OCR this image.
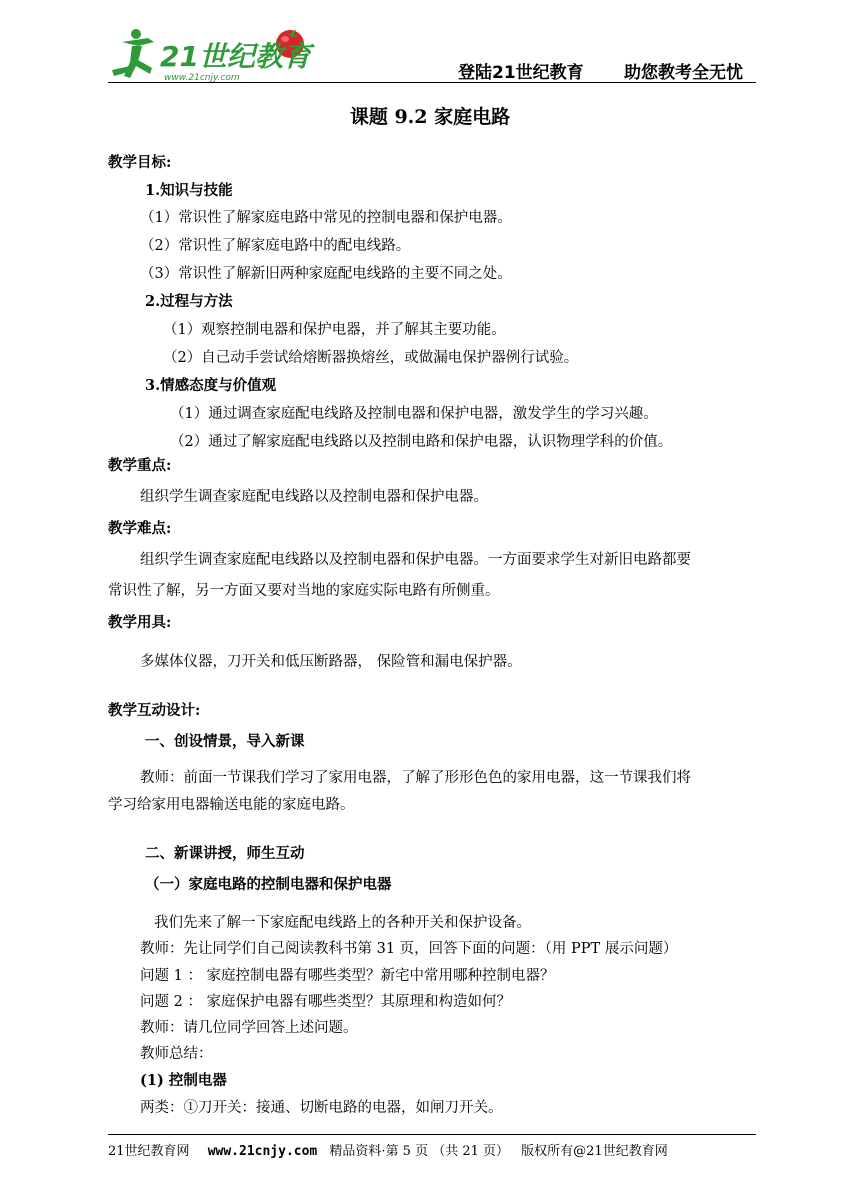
21世纪教育
www.21cnjy.com	登陆21世纪教育 助您教考全无忧
课题 9.2 家庭电路
教学目标:
1.知识与技能
（1）常识性了解家庭电路中常见的控制电器和保护电器。
（2）常识性了解家庭电路中的配电线路。
（3）常识性了解新旧两种家庭配电线路的主要不同之处。
2.过程与方法
（1）观察控制电器和保护电器，并了解其主要功能。
（2）自己动手尝试给熔断器换熔丝，或做漏电保护器例行试验。
3.情感态度与价值观
（1）通过调查家庭配电线路及控制电器和保护电器，激发学生的学习兴趣。
（2）通过了解家庭配电线路以及控制电路和保护电器，认识物理学科的价值。
教学重点:
组织学生调查家庭配电线路以及控制电器和保护电器。
教学难点:
组织学生调查家庭配电线路以及控制电器和保护电器。一方面要求学生对新旧电路都要
常识性了解，另一方面又要对当地的家庭实际电路有所侧重。
教学用具:
多媒体仪器，刀开关和低压断路器， 保险管和漏电保护器。
教学互动设计:
一、创设情景，导入新课
教师：前面一节课我们学习了家用电器，了解了形形色色的家用电器，这一节课我们将
学习给家用电器输送电能的家庭电路。
二、新课讲授，师生互动
（一）家庭电路的控制电器和保护电器
我们先来了解一下家庭配电线路上的各种开关和保护设备。
教师：先让同学们自己阅读教科书第 31 页，回答下面的问题：（用 PPT 展示问题）
问题 1 ： 家庭控制电器有哪些类型？新宅中常用哪种控制电器？
问题 2 ： 家庭保护电器有哪些类型？其原理和构造如何？
教师：请几位同学回答上述问题。
教师总结：
(1) 控制电器
两类：①刀开关：接通、切断电路的电器，如闸刀开关。
21世纪教育网 www.21cnjy.com 精品资料·第 5 页 （共 21 页） 版权所有@21世纪教育网
